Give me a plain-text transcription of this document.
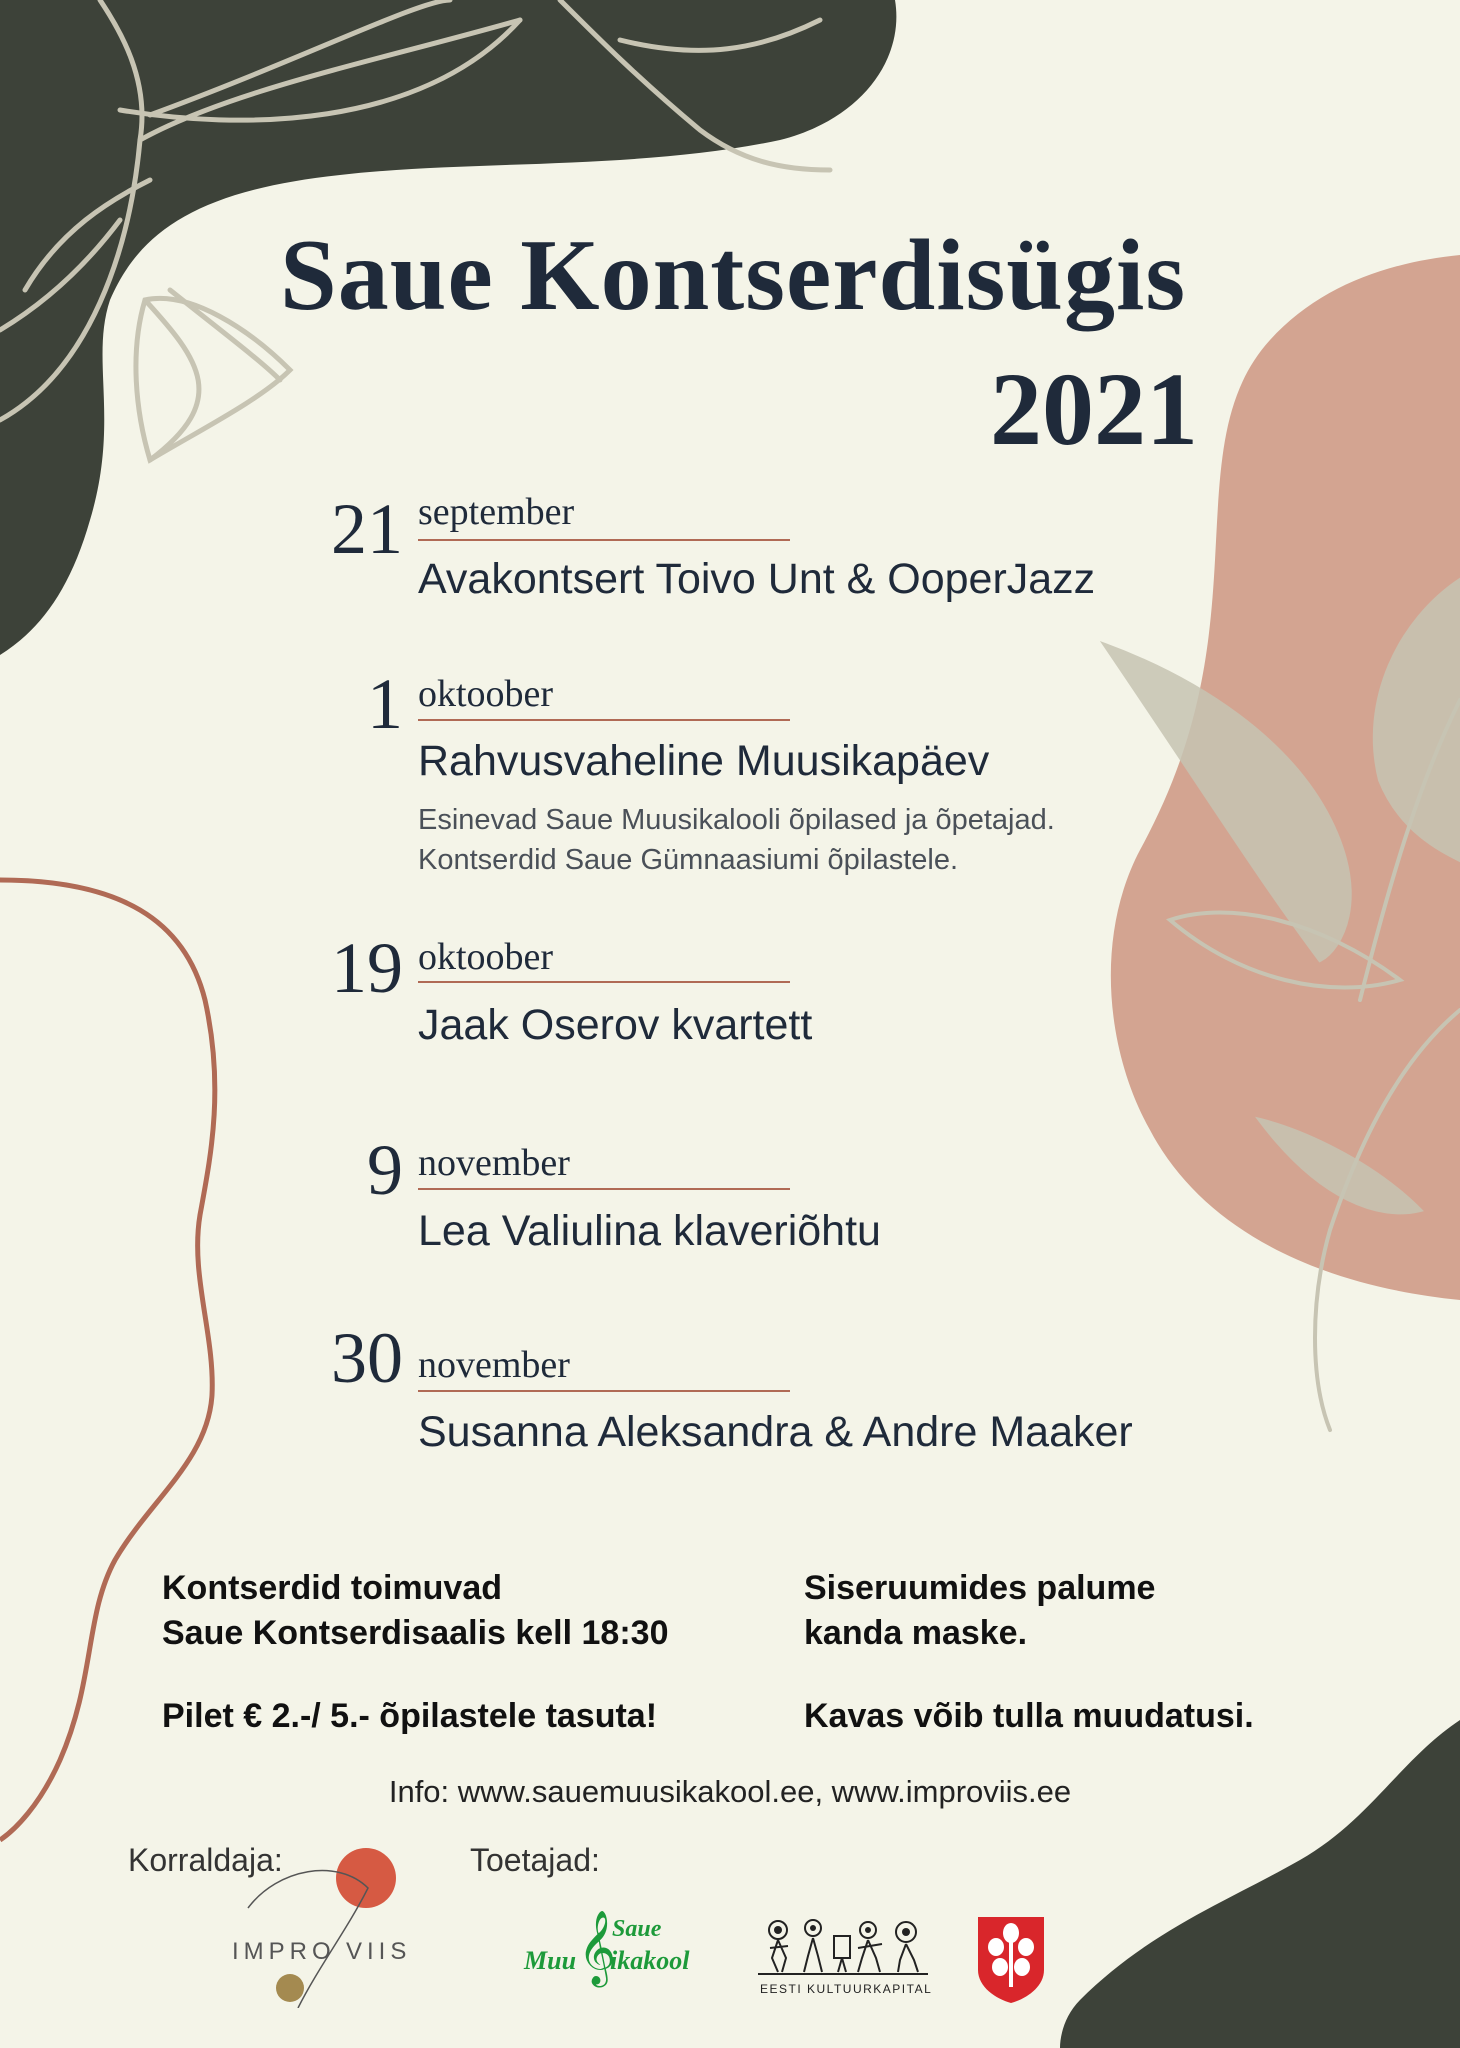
Saue Kontserdisügis
2021
21 september
Avakontsert Toivo Unt & OoperJazz
1 oktoober
Rahvusvaheline Muusikapäev
Esinevad Saue Muusikalooli õpilased ja õpetajad.
Kontserdid Saue Gümnaasiumi õpilastele.
19 oktoober
Jaak Oserov kvartett
9 november
Lea Valiulina klaveriõhtu
30 november
Susanna Aleksandra & Andre Maaker
Kontserdid toimuvad
Saue Kontserdisaalis kell 18:30
Pilet € 2.-/ 5.- õpilastele tasuta!
Siseruumides palume
kanda maske.
Kavas võib tulla muudatusi.
Info: www.sauemuusikakool.ee, www.improviis.ee
Korraldaja:	Toetajad:
IMPRO VIIS
Saue
Muu 𝄞
ikakool
EESTI KULTUURKAPITAL
